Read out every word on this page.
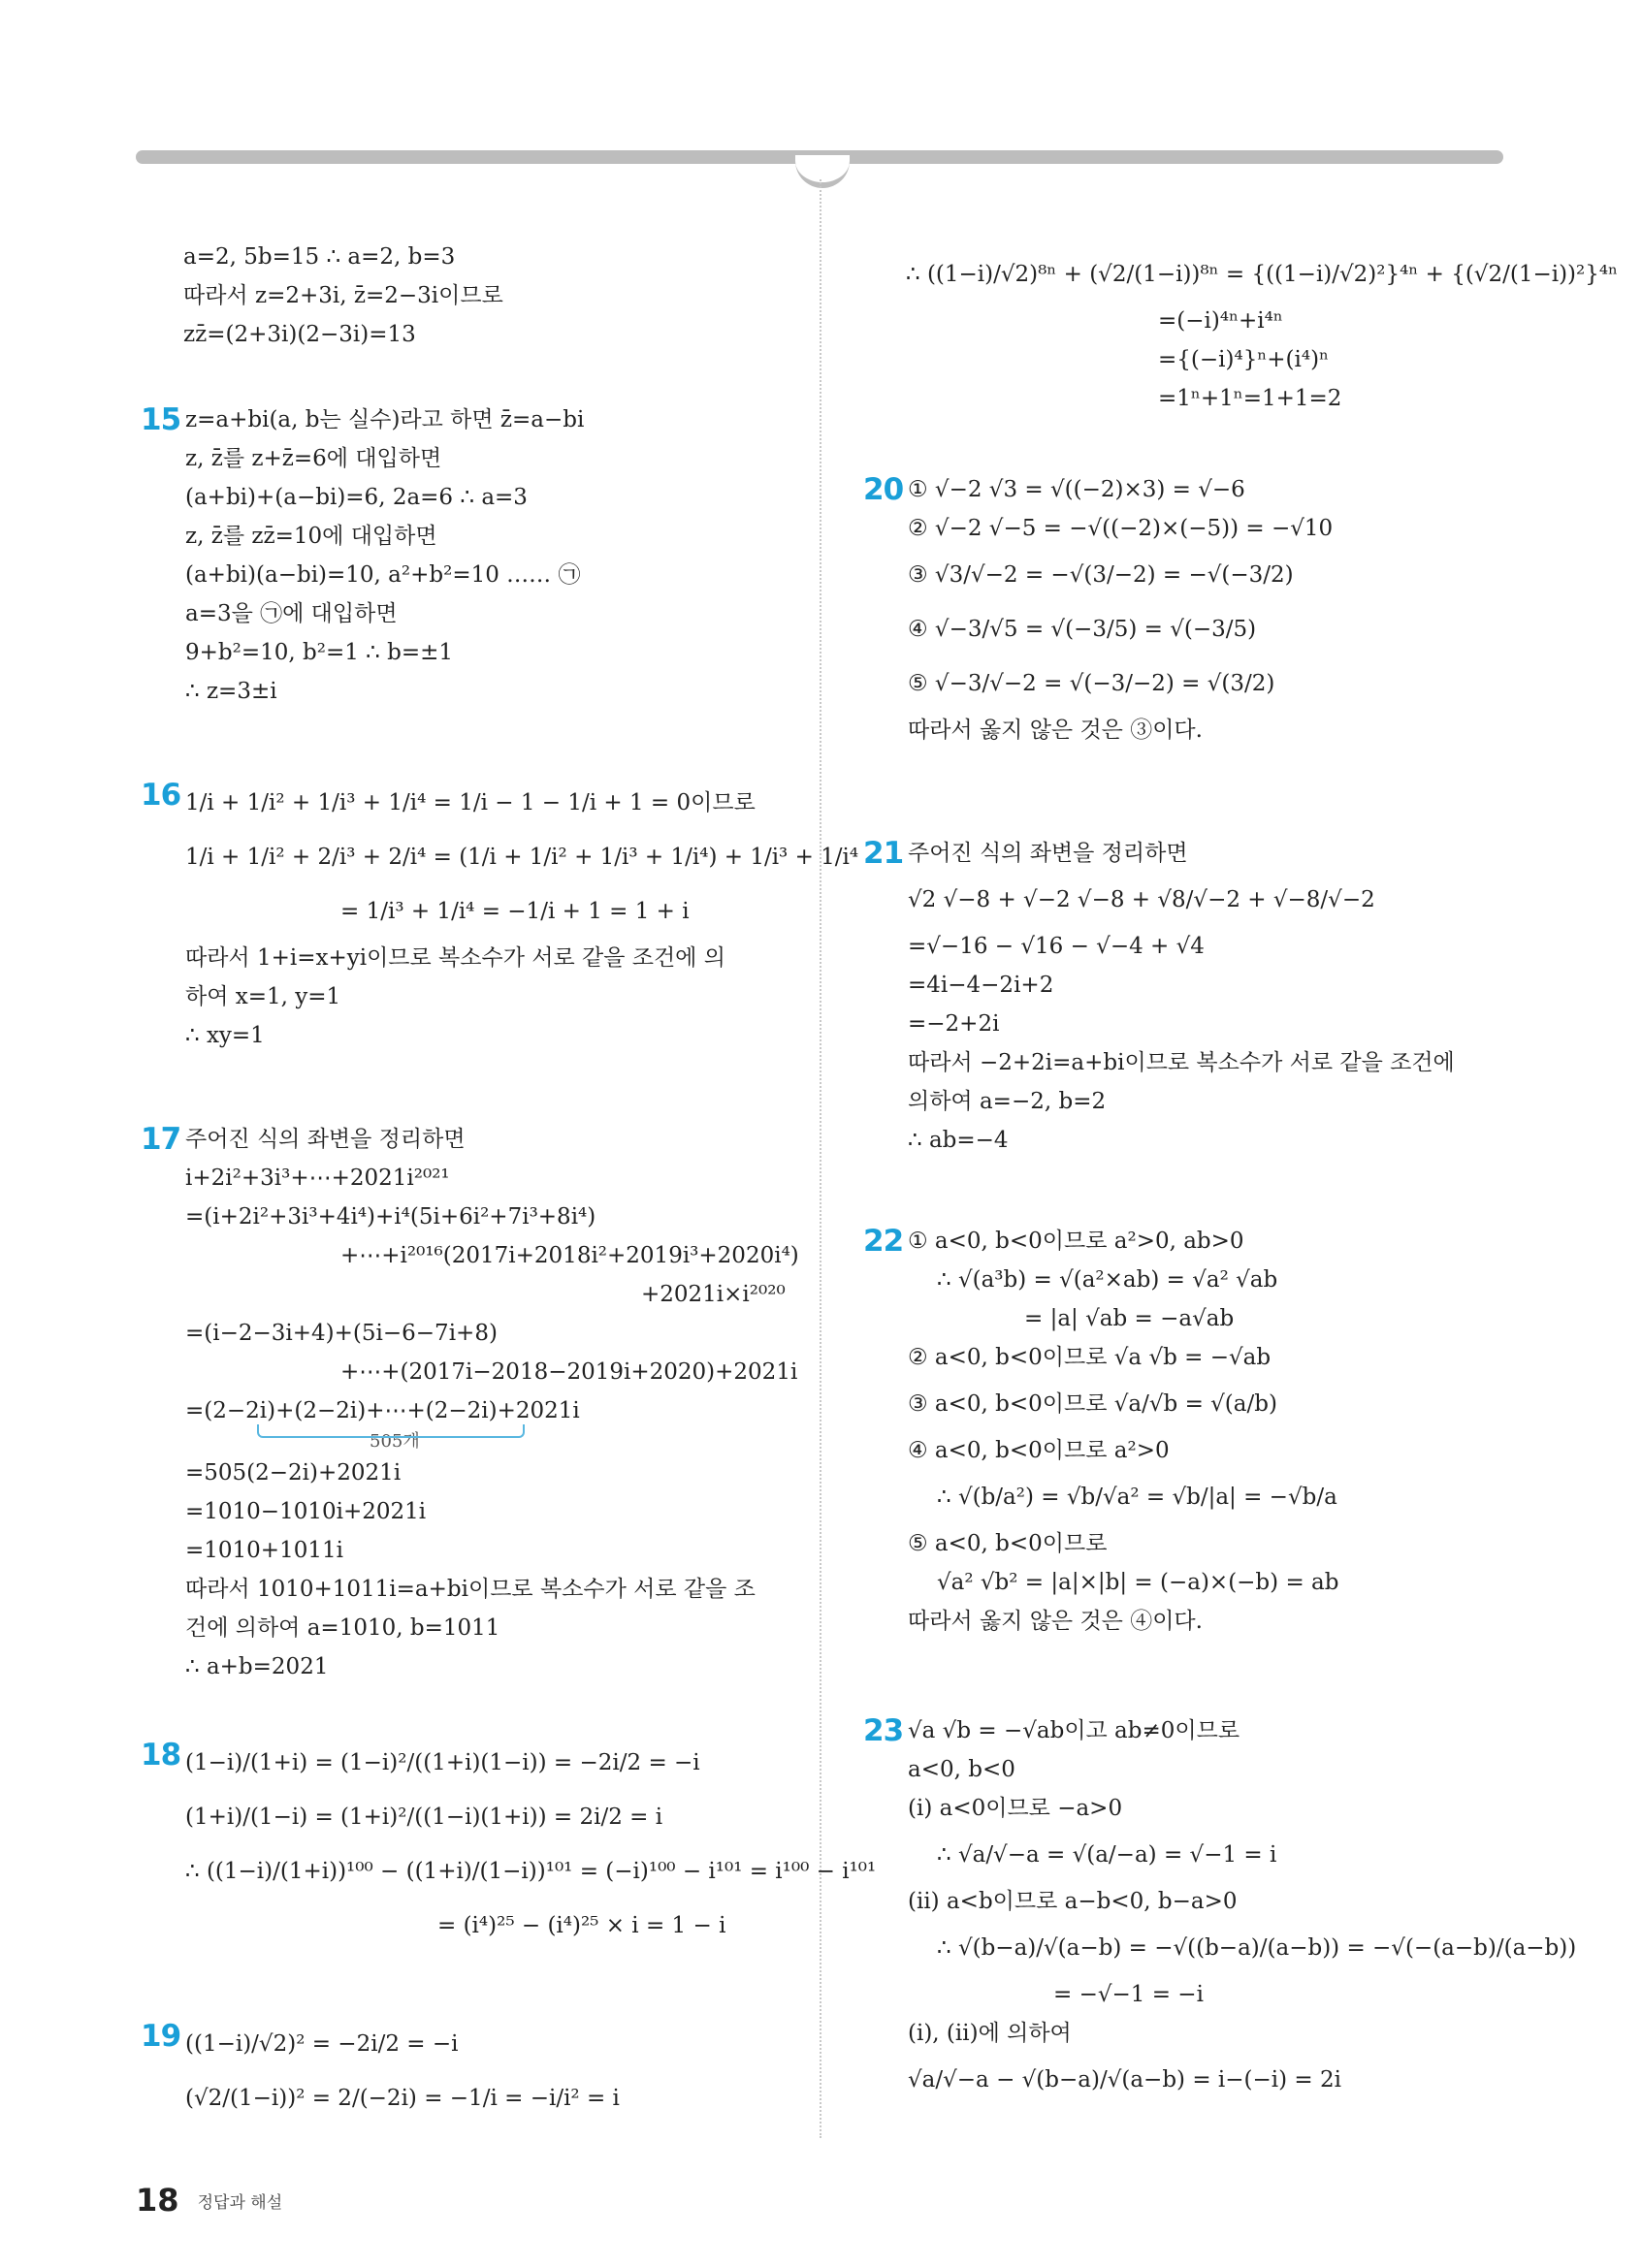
a=2, 5b=15 ∴ a=2, b=3
따라서 z=2+3i, z̄=2−3i이므로
zz̄=(2+3i)(2−3i)=13
15 z=a+bi(a, b는 실수)라고 하면 z̄=a−bi
z, z̄를 z+z̄=6에 대입하면
(a+bi)+(a−bi)=6, 2a=6 ∴ a=3
z, z̄를 zz̄=10에 대입하면
(a+bi)(a−bi)=10, a²+b²=10 …… ㉠
a=3을 ㉠에 대입하면
9+b²=10, b²=1 ∴ b=±1
∴ z=3±i
16 1/i + 1/i² + 1/i³ + 1/i⁴ = 1/i − 1 − 1/i + 1 = 0이므로
1/i + 1/i² + 2/i³ + 2/i⁴ = (1/i + 1/i² + 1/i³ + 1/i⁴) + 1/i³ + 1/i⁴
= 1/i³ + 1/i⁴ = −1/i + 1 = 1 + i
따라서 1+i=x+yi이므로 복소수가 서로 같을 조건에 의
하여 x=1, y=1
∴ xy=1
17 주어진 식의 좌변을 정리하면
i+2i²+3i³+⋯+2021i²⁰²¹
=(i+2i²+3i³+4i⁴)+i⁴(5i+6i²+7i³+8i⁴)
+⋯+i²⁰¹⁶(2017i+2018i²+2019i³+2020i⁴)
+2021i×i²⁰²⁰
=(i−2−3i+4)+(5i−6−7i+8)
+⋯+(2017i−2018−2019i+2020)+2021i
=(2−2i)+(2−2i)+⋯+(2−2i)+2021i
505개
=505(2−2i)+2021i
=1010−1010i+2021i
=1010+1011i
따라서 1010+1011i=a+bi이므로 복소수가 서로 같을 조
건에 의하여 a=1010, b=1011
∴ a+b=2021
18 (1−i)/(1+i) = (1−i)²/((1+i)(1−i)) = −2i/2 = −i
(1+i)/(1−i) = (1+i)²/((1−i)(1+i)) = 2i/2 = i
∴ ((1−i)/(1+i))¹⁰⁰ − ((1+i)/(1−i))¹⁰¹ = (−i)¹⁰⁰ − i¹⁰¹ = i¹⁰⁰ − i¹⁰¹
= (i⁴)²⁵ − (i⁴)²⁵ × i = 1 − i
19 ((1−i)/√2)² = −2i/2 = −i
(√2/(1−i))² = 2/(−2i) = −1/i = −i/i² = i
∴ ((1−i)/√2)⁸ⁿ + (√2/(1−i))⁸ⁿ = {((1−i)/√2)²}⁴ⁿ + {(√2/(1−i))²}⁴ⁿ
=(−i)⁴ⁿ+i⁴ⁿ
={(−i)⁴}ⁿ+(i⁴)ⁿ
=1ⁿ+1ⁿ=1+1=2
20 ① √−2 √3 = √((−2)×3) = √−6
② √−2 √−5 = −√((−2)×(−5)) = −√10
③ √3/√−2 = −√(3/−2) = −√(−3/2)
④ √−3/√5 = √(−3/5) = √(−3/5)
⑤ √−3/√−2 = √(−3/−2) = √(3/2)
따라서 옳지 않은 것은 ③이다.
21 주어진 식의 좌변을 정리하면
√2 √−8 + √−2 √−8 + √8/√−2 + √−8/√−2
=√−16 − √16 − √−4 + √4
=4i−4−2i+2
=−2+2i
따라서 −2+2i=a+bi이므로 복소수가 서로 같을 조건에
의하여 a=−2, b=2
∴ ab=−4
22 ① a<0, b<0이므로 a²>0, ab>0
∴ √(a³b) = √(a²×ab) = √a² √ab
= |a| √ab = −a√ab
② a<0, b<0이므로 √a √b = −√ab
③ a<0, b<0이므로 √a/√b = √(a/b)
④ a<0, b<0이므로 a²>0
∴ √(b/a²) = √b/√a² = √b/|a| = −√b/a
⑤ a<0, b<0이므로
√a² √b² = |a|×|b| = (−a)×(−b) = ab
따라서 옳지 않은 것은 ④이다.
23 √a √b = −√ab이고 ab≠0이므로
a<0, b<0
(ⅰ) a<0이므로 −a>0
∴ √a/√−a = √(a/−a) = √−1 = i
(ⅱ) a<b이므로 a−b<0, b−a>0
∴ √(b−a)/√(a−b) = −√((b−a)/(a−b)) = −√(−(a−b)/(a−b))
= −√−1 = −i
(ⅰ), (ⅱ)에 의하여
√a/√−a − √(b−a)/√(a−b) = i−(−i) = 2i
18 정답과 해설
